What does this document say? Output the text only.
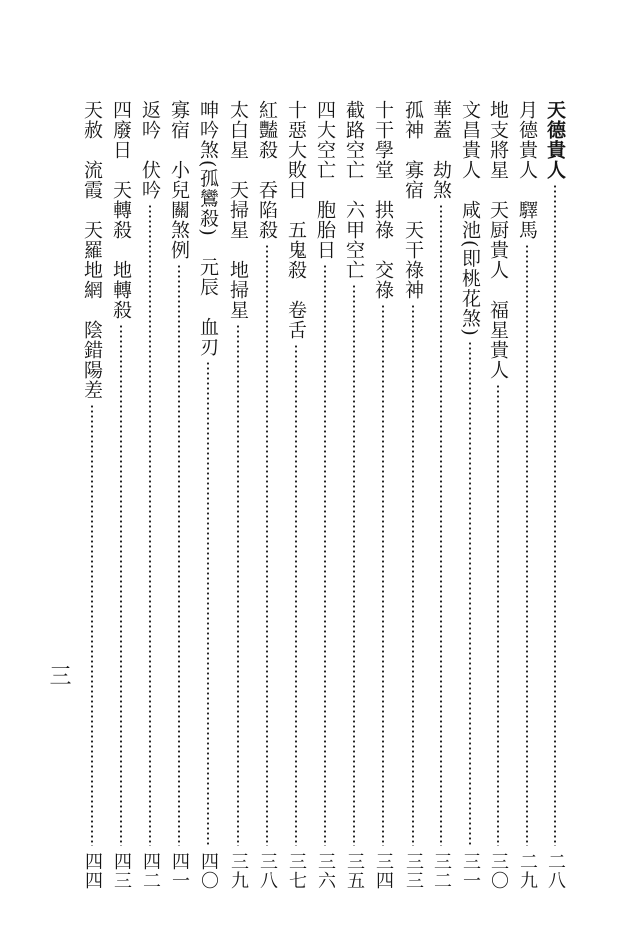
天德貴人
二八
月德貴人　驛馬
二九
地支將星　天厨貴人　福星貴人
三〇
文昌貴人　咸池(即桃花煞)
三一
華蓋　劫煞
三二
孤神　寡宿　天干祿神
三三
十干學堂　拱祿　交祿
三四
截路空亡　六甲空亡
三五
四大空亡　胞胎日
三六
十惡大敗日　五鬼殺　卷舌
三七
紅豔殺　吞陷殺
三八
太白星　天掃星　地掃星
三九
呻吟煞(孤鸞殺)　元辰　血刃
四〇
寡宿　小兒關煞例
四一
返吟　伏吟
四二
四廢日　天轉殺　地轉殺
四三
天赦　流霞　天羅地網　陰錯陽差
四四
三
